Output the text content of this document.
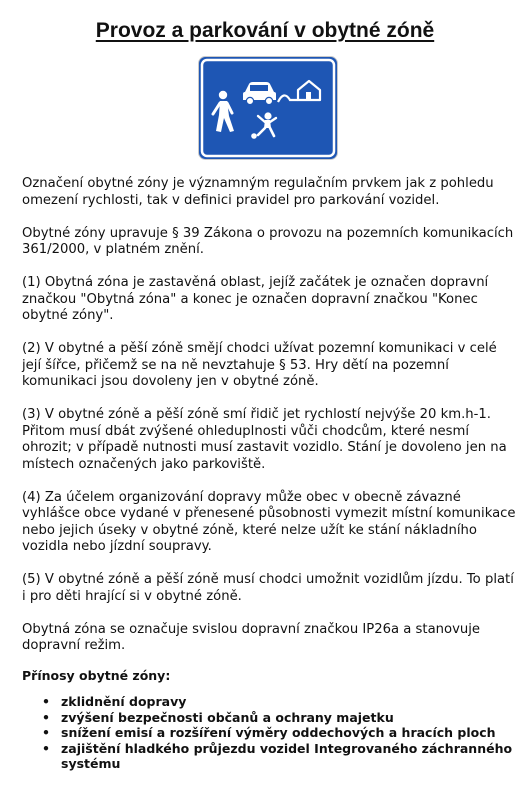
Provoz a parkování v obytné zóně

Označení obytné zóny je významným regulačním prvkem jak z pohledu omezení rychlosti, tak v definici pravidel pro parkování vozidel.

Obytné zóny upravuje § 39 Zákona o provozu na pozemních komunikacích 361/2000, v platném znění.

(1) Obytná zóna je zastavěná oblast, jejíž začátek je označen dopravní značkou "Obytná zóna" a konec je označen dopravní značkou "Konec obytné zóny".

(2) V obytné a pěší zóně smějí chodci užívat pozemní komunikaci v celé její šířce, přičemž se na ně nevztahuje § 53. Hry dětí na pozemní komunikaci jsou dovoleny jen v obytné zóně.

(3) V obytné zóně a pěší zóně smí řidič jet rychlostí nejvýše 20 km.h-1. Přitom musí dbát zvýšené ohleduplnosti vůči chodcům, které nesmí ohrozit; v případě nutnosti musí zastavit vozidlo. Stání je dovoleno jen na místech označených jako parkoviště.

(4) Za účelem organizování dopravy může obec v obecně závazné vyhlášce obce vydané v přenesené působnosti vymezit místní komunikace nebo jejich úseky v obytné zóně, které nelze užít ke stání nákladního vozidla nebo jízdní soupravy.

(5) V obytné zóně a pěší zóně musí chodci umožnit vozidlům jízdu. To platí i pro děti hrající si v obytné zóně.

Obytná zóna se označuje svislou dopravní značkou IP26a a stanovuje dopravní režim.

Přínosy obytné zóny:
• zklidnění dopravy
• zvýšení bezpečnosti občanů a ochrany majetku
• snížení emisí a rozšíření výměry oddechových a hracích ploch
• zajištění hladkého průjezdu vozidel Integrovaného záchranného systému
